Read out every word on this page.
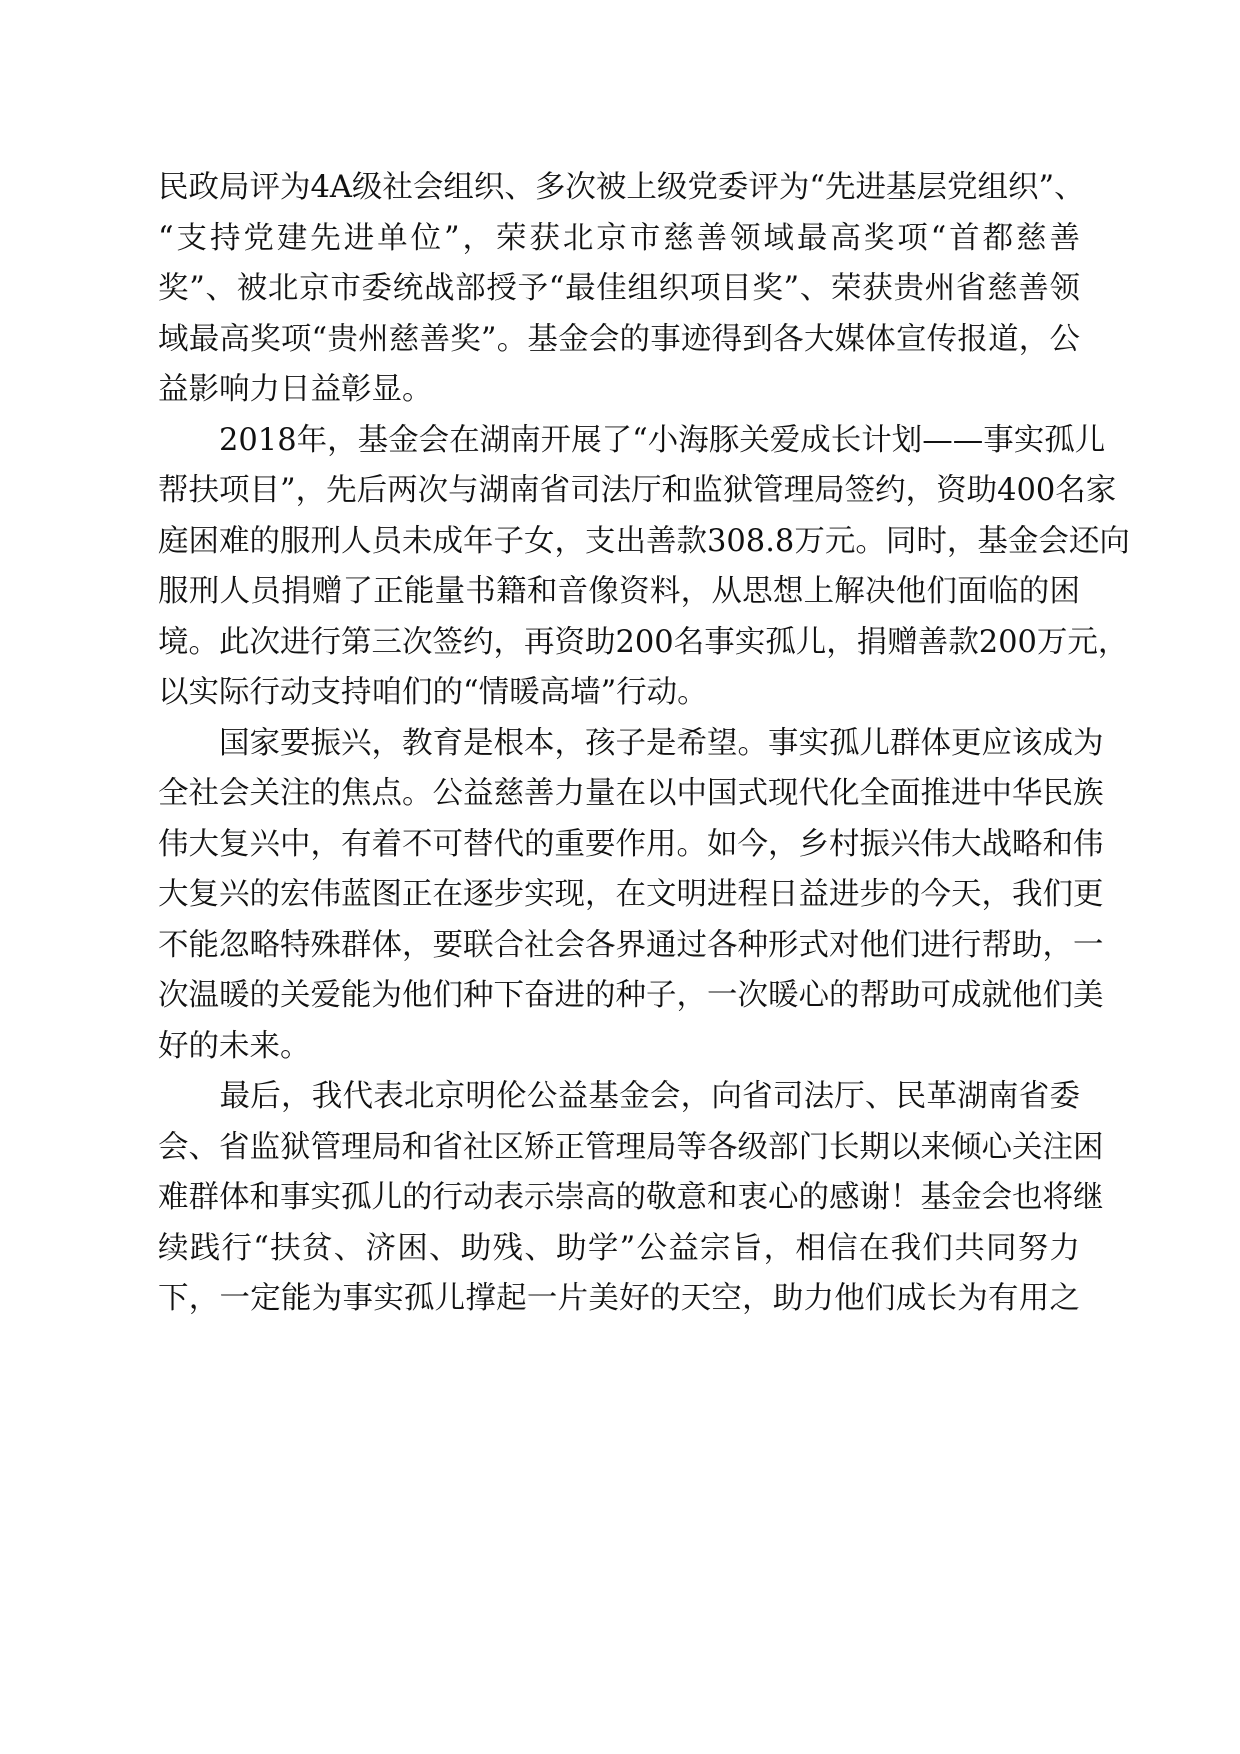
民政局评为4A级社会组织、多次被上级党委评为“先进基层党组织”、
“支持党建先进单位”，荣获北京市慈善领域最高奖项“首都慈善
奖”、被北京市委统战部授予“最佳组织项目奖”、荣获贵州省慈善领
域最高奖项“贵州慈善奖”。基金会的事迹得到各大媒体宣传报道，公
益影响力日益彰显。
　　2018年，基金会在湖南开展了“小海豚关爱成长计划——事实孤儿
帮扶项目”，先后两次与湖南省司法厅和监狱管理局签约，资助400名家
庭困难的服刑人员未成年子女，支出善款308.8万元。同时，基金会还向
服刑人员捐赠了正能量书籍和音像资料，从思想上解决他们面临的困
境。此次进行第三次签约，再资助200名事实孤儿，捐赠善款200万元，
以实际行动支持咱们的“情暖高墙”行动。
　　国家要振兴，教育是根本，孩子是希望。事实孤儿群体更应该成为
全社会关注的焦点。公益慈善力量在以中国式现代化全面推进中华民族
伟大复兴中，有着不可替代的重要作用。如今，乡村振兴伟大战略和伟
大复兴的宏伟蓝图正在逐步实现，在文明进程日益进步的今天，我们更
不能忽略特殊群体，要联合社会各界通过各种形式对他们进行帮助，一
次温暖的关爱能为他们种下奋进的种子，一次暖心的帮助可成就他们美
好的未来。
　　最后，我代表北京明伦公益基金会，向省司法厅、民革湖南省委
会、省监狱管理局和省社区矫正管理局等各级部门长期以来倾心关注困
难群体和事实孤儿的行动表示崇高的敬意和衷心的感谢！基金会也将继
续践行“扶贫、济困、助残、助学”公益宗旨，相信在我们共同努力
下，一定能为事实孤儿撑起一片美好的天空，助力他们成长为有用之
